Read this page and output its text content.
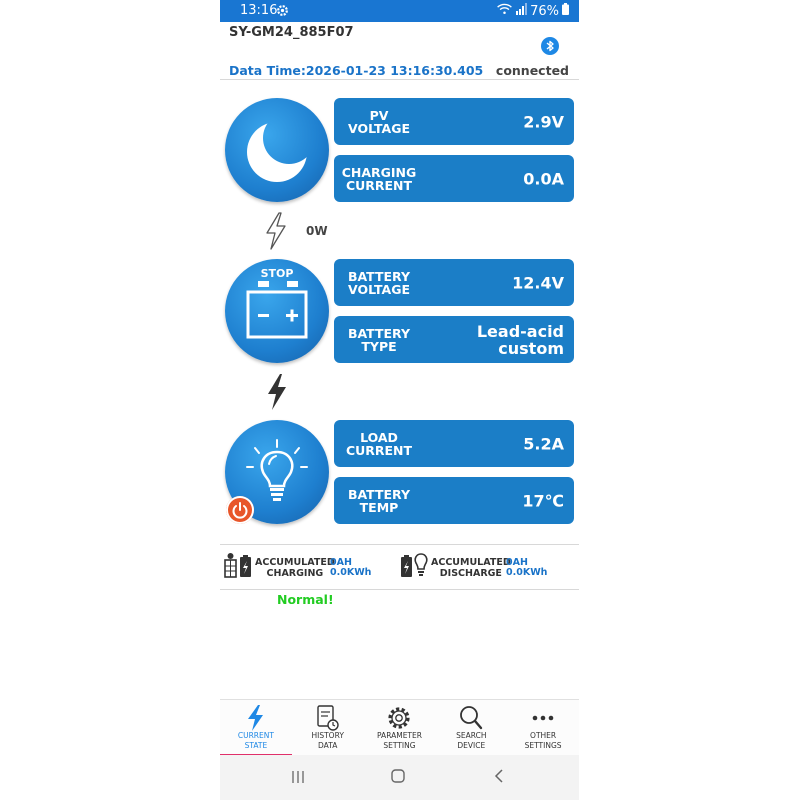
13:16	76%
SY-GM24_885F07
Data Time:2026-01-23 13:16:30.405 connected
PV
VOLTAGE	2.9V
CHARGING
CURRENT	0.0A
0W
STOP	BATTERY
VOLTAGE	12.4V
BATTERY
TYPE
Lead-acid
custom
LOAD
CURRENT	5.2A
BATTERY
TEMP	17℃
ACCUMULATED
CHARGING
0AH
0.0KWh
ACCUMULATED
DISCHARGE
0AH
0.0KWh
Normal!
CURRENT
STATE
HISTORY
DATA
PARAMETER
SETTING
SEARCH
DEVICE
OTHER
SETTINGS
